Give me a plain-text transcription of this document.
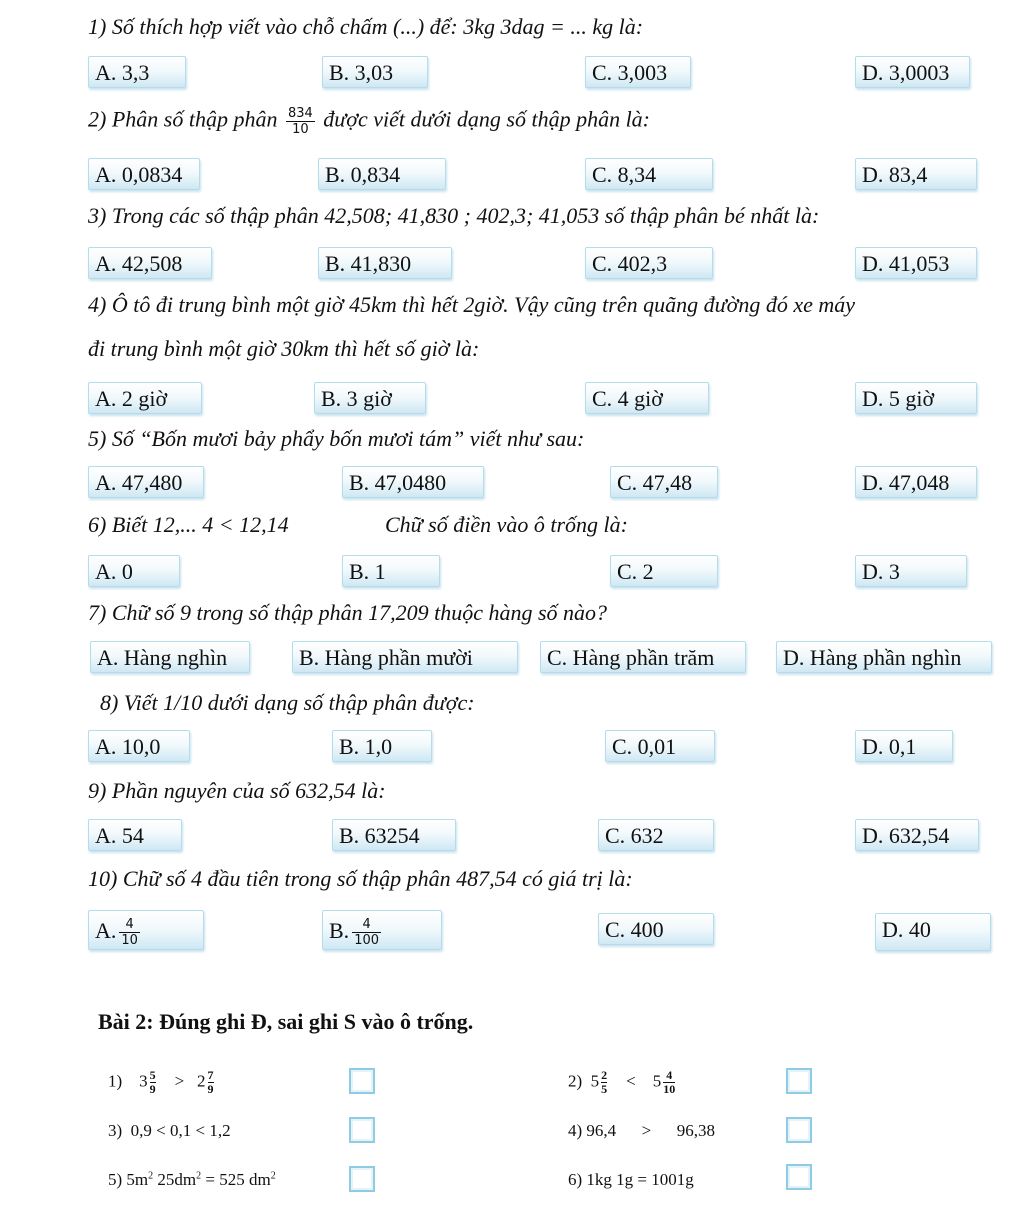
1) Số thích hợp viết vào chỗ chấm (...) để: 3kg 3dag = ... kg là:
A. 3,3	B. 3,03	C. 3,003	D. 3,0003
2) Phân số thập phân $\frac{834}{10}$ được viết dưới dạng số thập phân là:
A. 0,0834	B. 0,834	C. 8,34	D. 83,4
3) Trong các số thập phân 42,508; 41,830 ; 402,3; 41,053 số thập phân bé nhất là:
A. 42,508	B. 41,830	C. 402,3	D. 41,053
4) Ô tô đi trung bình một giờ 45km thì hết 2giờ. Vậy cũng trên quãng đường đó xe máy
đi trung bình một giờ 30km thì hết số giờ là:
A. 2 giờ	B. 3 giờ	C. 4 giờ	D. 5 giờ
5) Số “Bốn mươi bảy phẩy bốn mươi tám” viết như sau:
A. 47,480	B. 47,0480	C. 47,48	D. 47,048
6) Biết 12,... 4 < 12,14	Chữ số điền vào ô trống là:
A. 0	B. 1	C. 2	D. 3
7) Chữ số 9 trong số thập phân 17,209 thuộc hàng số nào?
A. Hàng nghìn	B. Hàng phần mười	C. Hàng phần trăm	D. Hàng phần nghìn
8) Viết 1/10 dưới dạng số thập phân được:
A. 10,0	B. 1,0	C. 0,01	D. 0,1
9) Phần nguyên của số 632,54 là:
A. 54	B. 63254	C. 632	D. 632,54
10) Chữ số 4 đầu tiên trong số thập phân 487,54 có giá trị là:
A. $\frac{4}{10}$	B. $\frac{4}{100}$	C. 400	D. 40
Bài 2: Đúng ghi Đ, sai ghi S vào ô trống.
1) $3 \frac{5}{9} > 2 \frac{7}{9}$	2) $5 \frac{2}{5} < 5 \frac{4}{10}$
3) 0,9 < 0,1 < 1,2	4) 96,4 > 96,38
5) $5m^2$ $25dm^2 = 525$ $dm^2$	6) 1kg 1g = 1001g
